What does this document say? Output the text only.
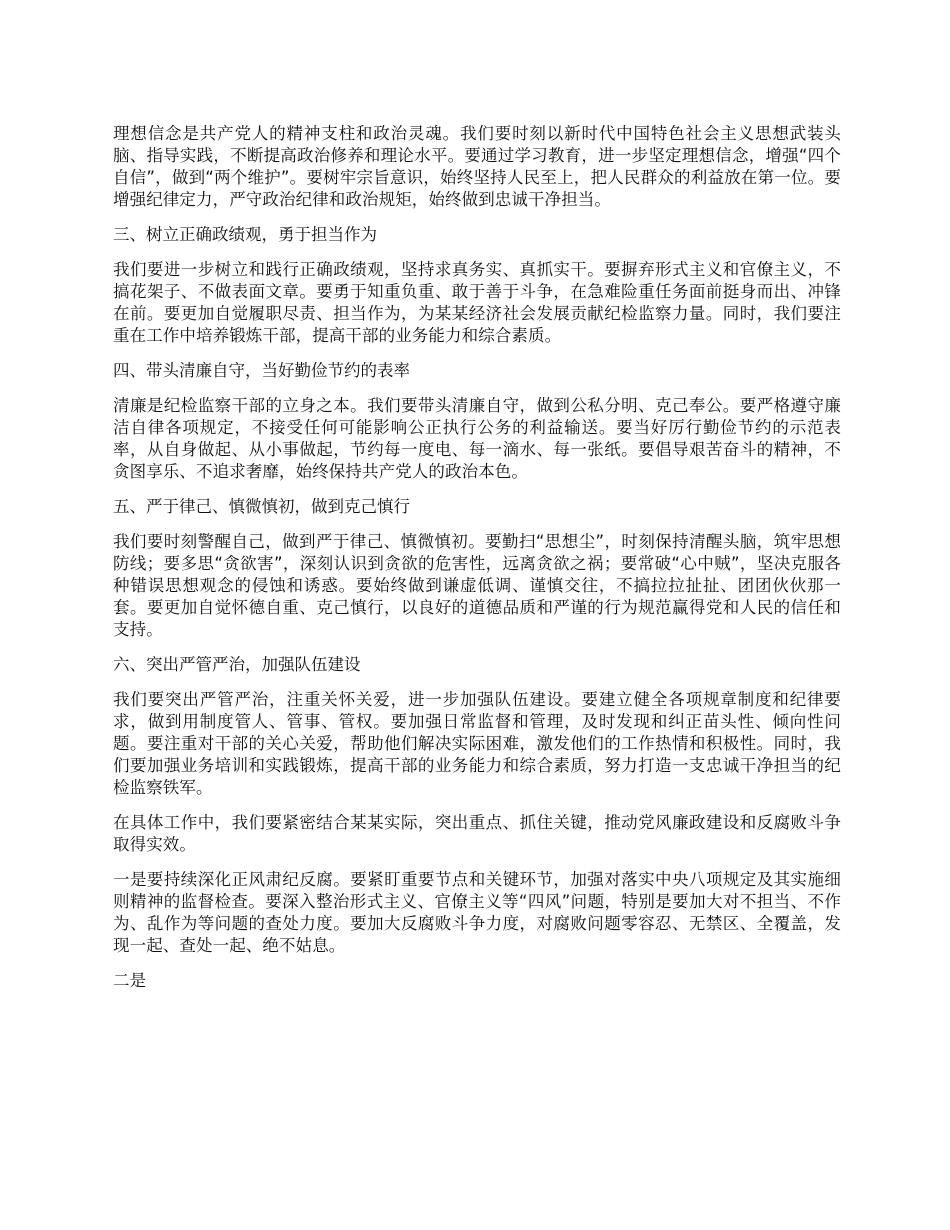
理想信念是共产党人的精神支柱和政治灵魂。我们要时刻以新时代中国特色社会主义思想武装头脑、指导实践，不断提高政治修养和理论水平。要通过学习教育，进一步坚定理想信念，增强“四个自信”，做到“两个维护”。要树牢宗旨意识，始终坚持人民至上，把人民群众的利益放在第一位。要增强纪律定力，严守政治纪律和政治规矩，始终做到忠诚干净担当。

三、树立正确政绩观，勇于担当作为

我们要进一步树立和践行正确政绩观，坚持求真务实、真抓实干。要摒弃形式主义和官僚主义，不搞花架子、不做表面文章。要勇于知重负重、敢于善于斗争，在急难险重任务面前挺身而出、冲锋在前。要更加自觉履职尽责、担当作为，为某某经济社会发展贡献纪检监察力量。同时，我们要注重在工作中培养锻炼干部，提高干部的业务能力和综合素质。

四、带头清廉自守，当好勤俭节约的表率

清廉是纪检监察干部的立身之本。我们要带头清廉自守，做到公私分明、克己奉公。要严格遵守廉洁自律各项规定，不接受任何可能影响公正执行公务的利益输送。要当好厉行勤俭节约的示范表率，从自身做起、从小事做起，节约每一度电、每一滴水、每一张纸。要倡导艰苦奋斗的精神，不贪图享乐、不追求奢靡，始终保持共产党人的政治本色。

五、严于律己、慎微慎初，做到克己慎行

我们要时刻警醒自己，做到严于律己、慎微慎初。要勤扫“思想尘”，时刻保持清醒头脑，筑牢思想防线；要多思“贪欲害”，深刻认识到贪欲的危害性，远离贪欲之祸；要常破“心中贼”，坚决克服各种错误思想观念的侵蚀和诱惑。要始终做到谦虚低调、谨慎交往，不搞拉拉扯扯、团团伙伙那一套。要更加自觉怀德自重、克己慎行，以良好的道德品质和严谨的行为规范赢得党和人民的信任和支持。

六、突出严管严治，加强队伍建设

我们要突出严管严治，注重关怀关爱，进一步加强队伍建设。要建立健全各项规章制度和纪律要求，做到用制度管人、管事、管权。要加强日常监督和管理，及时发现和纠正苗头性、倾向性问题。要注重对干部的关心关爱，帮助他们解决实际困难，激发他们的工作热情和积极性。同时，我们要加强业务培训和实践锻炼，提高干部的业务能力和综合素质，努力打造一支忠诚干净担当的纪检监察铁军。

在具体工作中，我们要紧密结合某某实际，突出重点、抓住关键，推动党风廉政建设和反腐败斗争取得实效。

一是要持续深化正风肃纪反腐。要紧盯重要节点和关键环节，加强对落实中央八项规定及其实施细则精神的监督检查。要深入整治形式主义、官僚主义等“四风”问题，特别是要加大对不担当、不作为、乱作为等问题的查处力度。要加大反腐败斗争力度，对腐败问题零容忍、无禁区、全覆盖，发现一起、查处一起、绝不姑息。

二是
